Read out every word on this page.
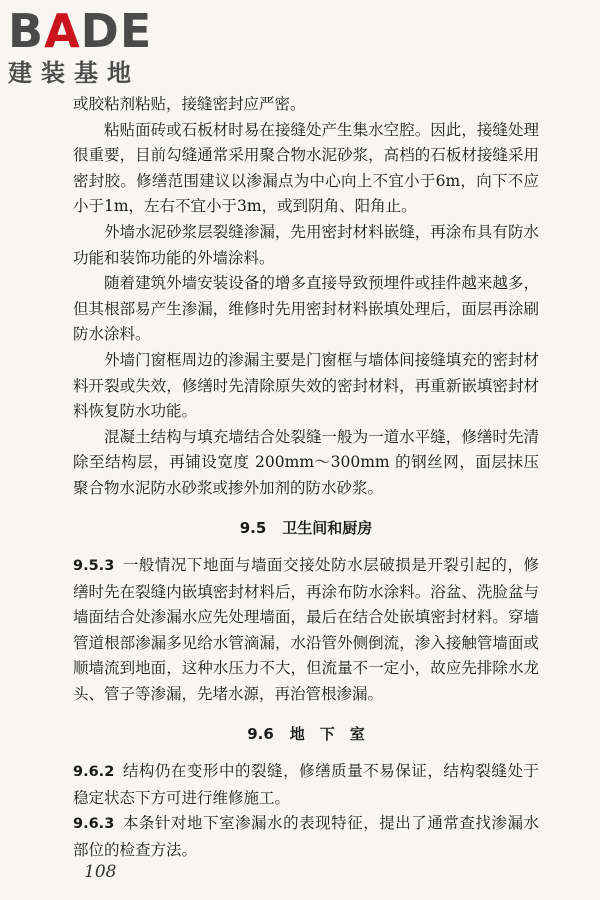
BADE
建装基地

或胶粘剂粘贴，接缝密封应严密。

粘贴面砖或石板材时易在接缝处产生集水空腔。因此，接缝处理很重要，目前勾缝通常采用聚合物水泥砂浆，高档的石板材接缝采用密封胶。修缮范围建议以渗漏点为中心向上不宜小于6m，向下不应小于1m，左右不宜小于3m，或到阴角、阳角止。

外墙水泥砂浆层裂缝渗漏，先用密封材料嵌缝，再涂布具有防水功能和装饰功能的外墙涂料。

随着建筑外墙安装设备的增多直接导致预埋件或挂件越来越多，但其根部易产生渗漏，维修时先用密封材料嵌填处理后，面层再涂刷防水涂料。

外墙门窗框周边的渗漏主要是门窗框与墙体间接缝填充的密封材料开裂或失效，修缮时先清除原失效的密封材料，再重新嵌填密封材料恢复防水功能。

混凝土结构与填充墙结合处裂缝一般为一道水平缝，修缮时先清除至结构层，再铺设宽度 200mm～300mm 的钢丝网，面层抹压聚合物水泥防水砂浆或掺外加剂的防水砂浆。

9.5 卫生间和厨房

9.5.3 一般情况下地面与墙面交接处防水层破损是开裂引起的，修缮时先在裂缝内嵌填密封材料后，再涂布防水涂料。浴盆、洗脸盆与墙面结合处渗漏水应先处理墙面，最后在结合处嵌填密封材料。穿墙管道根部渗漏多见给水管滴漏，水沿管外侧倒流，渗入接触管墙面或顺墙流到地面，这种水压力不大，但流量不一定小，故应先排除水龙头、管子等渗漏，先堵水源，再治管根渗漏。

9.6 地　下　室

9.6.2 结构仍在变形中的裂缝，修缮质量不易保证，结构裂缝处于稳定状态下方可进行维修施工。

9.6.3 本条针对地下室渗漏水的表现特征，提出了通常查找渗漏水部位的检查方法。

108
